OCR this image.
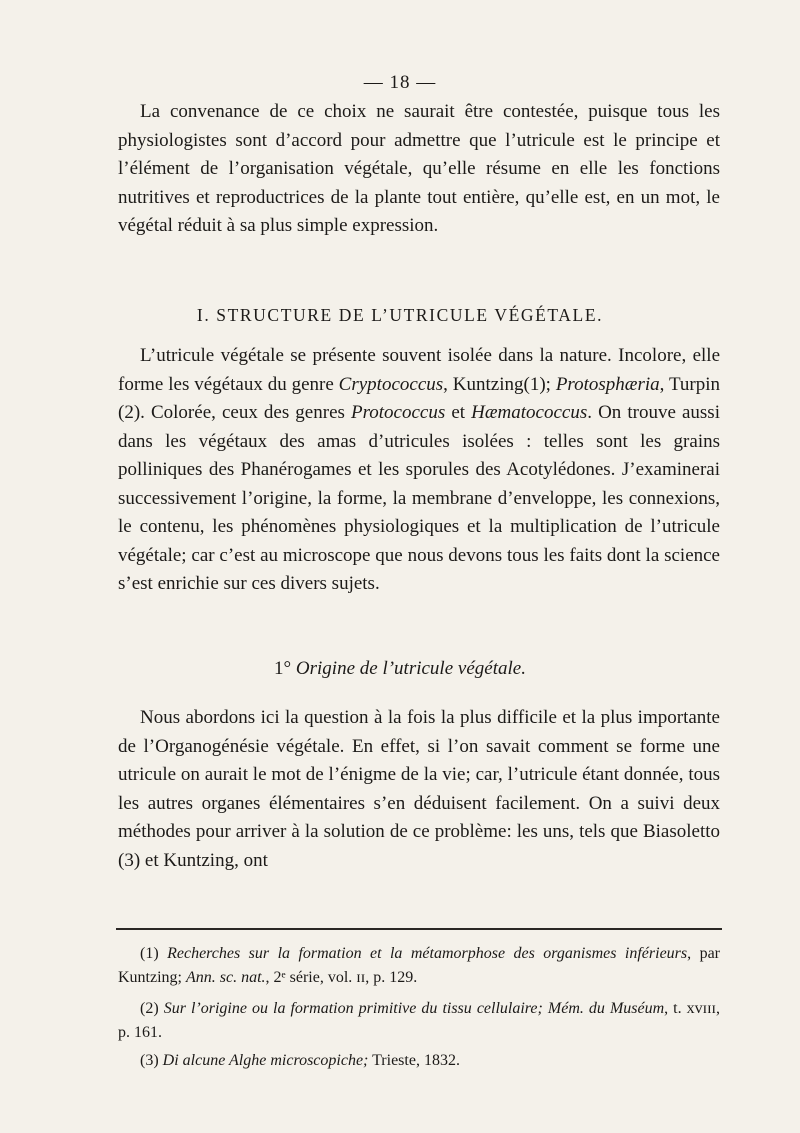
— 18 —
La convenance de ce choix ne saurait être contestée, puisque tous les physiologistes sont d’accord pour admettre que l’utricule est le principe et l’élément de l’organisation végétale, qu’elle résume en elle les fonctions nutritives et reproductrices de la plante tout entière, qu’elle est, en un mot, le végétal réduit à sa plus simple expression.
I. STRUCTURE DE L’UTRICULE VÉGÉTALE.
L’utricule végétale se présente souvent isolée dans la nature. Incolore, elle forme les végétaux du genre Cryptococcus, Kuntzing(1); Protosphæria, Turpin (2). Colorée, ceux des genres Protococcus et Hæmatococcus. On trouve aussi dans les végétaux des amas d’utricules isolées : telles sont les grains polliniques des Phanérogames et les sporules des Acotylédones. J’examinerai successivement l’origine, la forme, la membrane d’enveloppe, les connexions, le contenu, les phénomènes physiologiques et la multiplication de l’utricule végétale; car c’est au microscope que nous devons tous les faits dont la science s’est enrichie sur ces divers sujets.
1° Origine de l’utricule végétale.
Nous abordons ici la question à la fois la plus difficile et la plus importante de l’Organogénésie végétale. En effet, si l’on savait comment se forme une utricule on aurait le mot de l’énigme de la vie; car, l’utricule étant donnée, tous les autres organes élémentaires s’en déduisent facilement. On a suivi deux méthodes pour arriver à la solution de ce problème: les uns, tels que Biasoletto (3) et Kuntzing, ont
(1) Recherches sur la formation et la métamorphose des organismes inférieurs, par Kuntzing; Ann. sc. nat., 2ᵉ série, vol. ɪɪ, p. 129.
(2) Sur l’origine ou la formation primitive du tissu cellulaire; Mém. du Muséum, t. xᴠɪɪɪ, p. 161.
(3) Di alcune Alghe microscopiche; Trieste, 1832.
